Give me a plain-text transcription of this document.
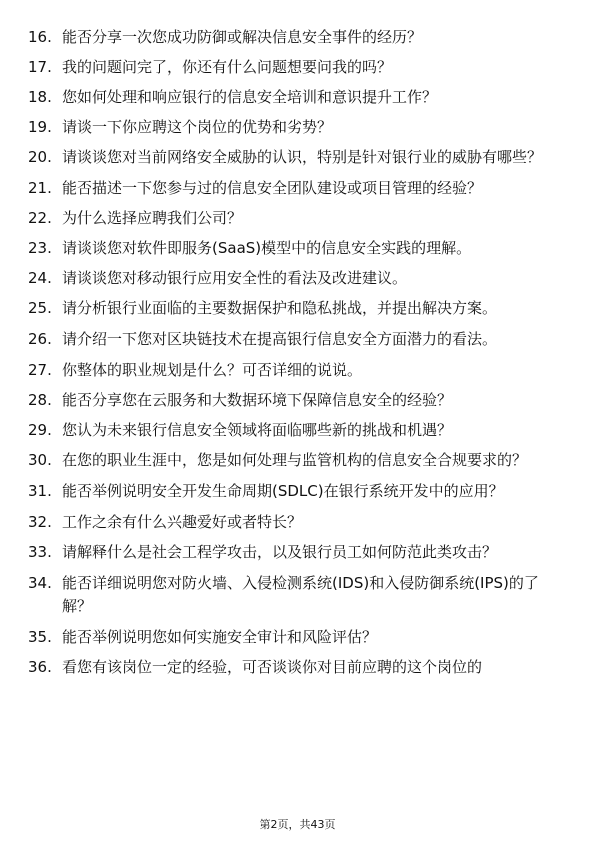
16. 能否分享一次您成功防御或解决信息安全事件的经历？
17. 我的问题问完了，你还有什么问题想要问我的吗？
18. 您如何处理和响应银行的信息安全培训和意识提升工作？
19. 请谈一下你应聘这个岗位的优势和劣势？
20. 请谈谈您对当前网络安全威胁的认识，特别是针对银行业的威胁有哪些？
21. 能否描述一下您参与过的信息安全团队建设或项目管理的经验？
22. 为什么选择应聘我们公司？
23. 请谈谈您对软件即服务(SaaS)模型中的信息安全实践的理解。
24. 请谈谈您对移动银行应用安全性的看法及改进建议。
25. 请分析银行业面临的主要数据保护和隐私挑战，并提出解决方案。
26. 请介绍一下您对区块链技术在提高银行信息安全方面潜力的看法。
27. 你整体的职业规划是什么？可否详细的说说。
28. 能否分享您在云服务和大数据环境下保障信息安全的经验？
29. 您认为未来银行信息安全领域将面临哪些新的挑战和机遇？
30. 在您的职业生涯中，您是如何处理与监管机构的信息安全合规要求的？
31. 能否举例说明安全开发生命周期(SDLC)在银行系统开发中的应用？
32. 工作之余有什么兴趣爱好或者特长？
33. 请解释什么是社会工程学攻击，以及银行员工如何防范此类攻击？
34. 能否详细说明您对防火墙、入侵检测系统(IDS)和入侵防御系统(IPS)的了解？
35. 能否举例说明您如何实施安全审计和风险评估？
36. 看您有该岗位一定的经验，可否谈谈你对目前应聘的这个岗位的
第2页，共43页
